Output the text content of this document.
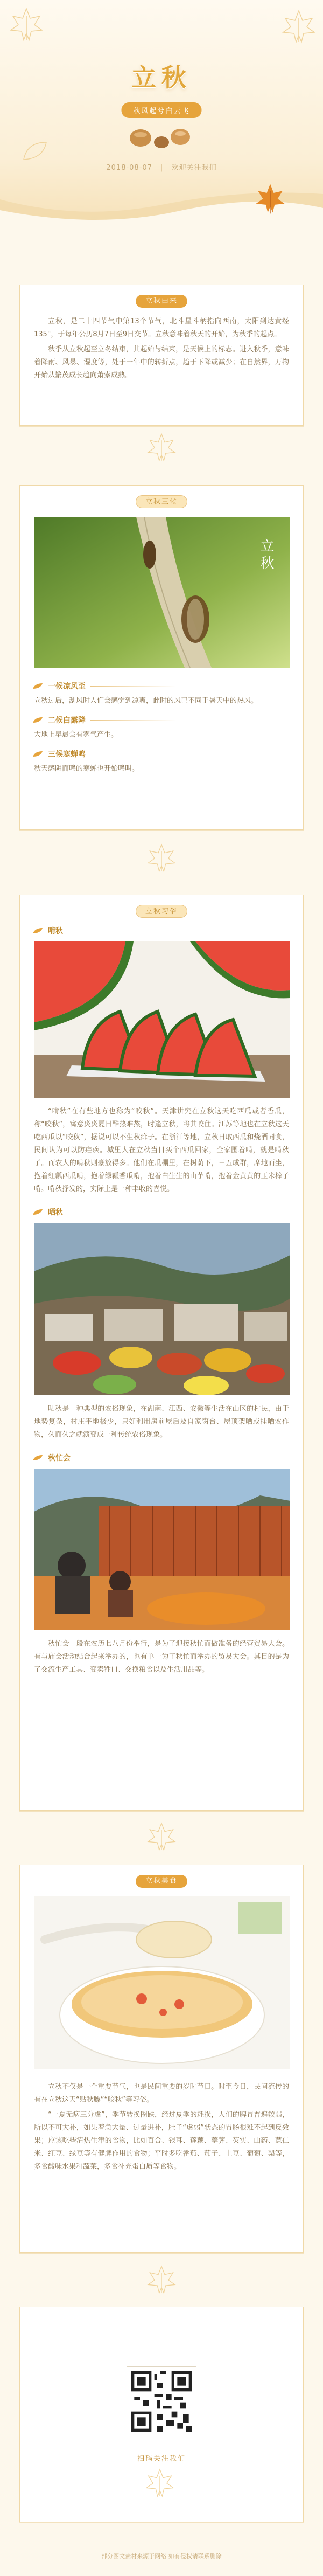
立秋
秋风起兮白云飞
2018-08-07 | 欢迎关注我们
立秋由来

立秋，是二十四节气中第13个节气，北斗星斗柄指向西南，太阳到达黄经135°，于每年公历8月7日至9日交节。立秋意味着秋天的开始，为秋季的起点。

秋季从立秋起至立冬结束，其起始与结束，是天候上的标志。进入秋季，意味着降雨、风暴、湿度等，处于一年中的转折点，趋于下降或减少；在自然界，万物开始从繁茂成长趋向萧索成熟。

立秋三候
立秋
一候凉风至

立秋过后，刮风时人们会感觉到凉爽，此时的风已不同于暑天中的热风。

二候白露降

大地上早晨会有雾气产生。

三候寒蝉鸣

秋天感阴而鸣的寒蝉也开始鸣叫。

立秋习俗
啃秋

“啃秋”在有些地方也称为“咬秋”。天津讲究在立秋这天吃西瓜或者香瓜，称“咬秋”，寓意炎炎夏日酷热难熬，时逢立秋，将其咬住。江苏等地也在立秋这天吃西瓜以“咬秋”，据说可以不生秋痱子。在浙江等地，立秋日取西瓜和烧酒同食，民间认为可以防疟疾。城里人在立秋当日买个西瓜回家，全家围着啃，就是啃秋了。而农人的啃秋则豪放得多。他们在瓜棚里，在树荫下，三五成群，席地而坐，抱着红瓤西瓜啃，抱着绿瓤香瓜啃，抱着白生生的山芋啃，抱着金黄黄的玉米棒子啃。啃秋抒发的，实际上是一种丰收的喜悦。

晒秋

晒秋是一种典型的农俗现象，在湖南、江西、安徽等生活在山区的村民，由于地势复杂，村庄平地极少，只好利用房前屋后及自家窗台、屋顶架晒或挂晒农作物，久而久之就演变成一种传统农俗现象。

秋忙会

秋忙会一般在农历七八月份举行，是为了迎接秋忙而做准备的经营贸易大会。有与庙会活动结合起来举办的，也有单一为了秋忙而举办的贸易大会。其目的是为了交流生产工具、变卖牲口、交换粮食以及生活用品等。

立秋美食

立秋不仅是一个重要节气，也是民间重要的岁时节日。时至今日，民间流传的有在立秋这天“贴秋膘”“咬秋”等习俗。

“一夏无病三分虚”，季节转换圈跌，经过夏季的耗损，人们的脾胃普遍较弱，所以不可大补，如果着急大量、过量进补，肚子“虚弱”状态的胃肠很难不起到反效果；应该吃些清热生津的食物，比如百合、银耳、莲藕、荸荠、芡实、山药、薏仁米、红豆、绿豆等有健脾作用的食物；平时多吃番茄、茄子、土豆、葡萄、梨等，多食酸味水果和蔬菜，多食补充蛋白质等食物。

扫码关注我们
部分图文素材来源于网络 如有侵权请联系删除
